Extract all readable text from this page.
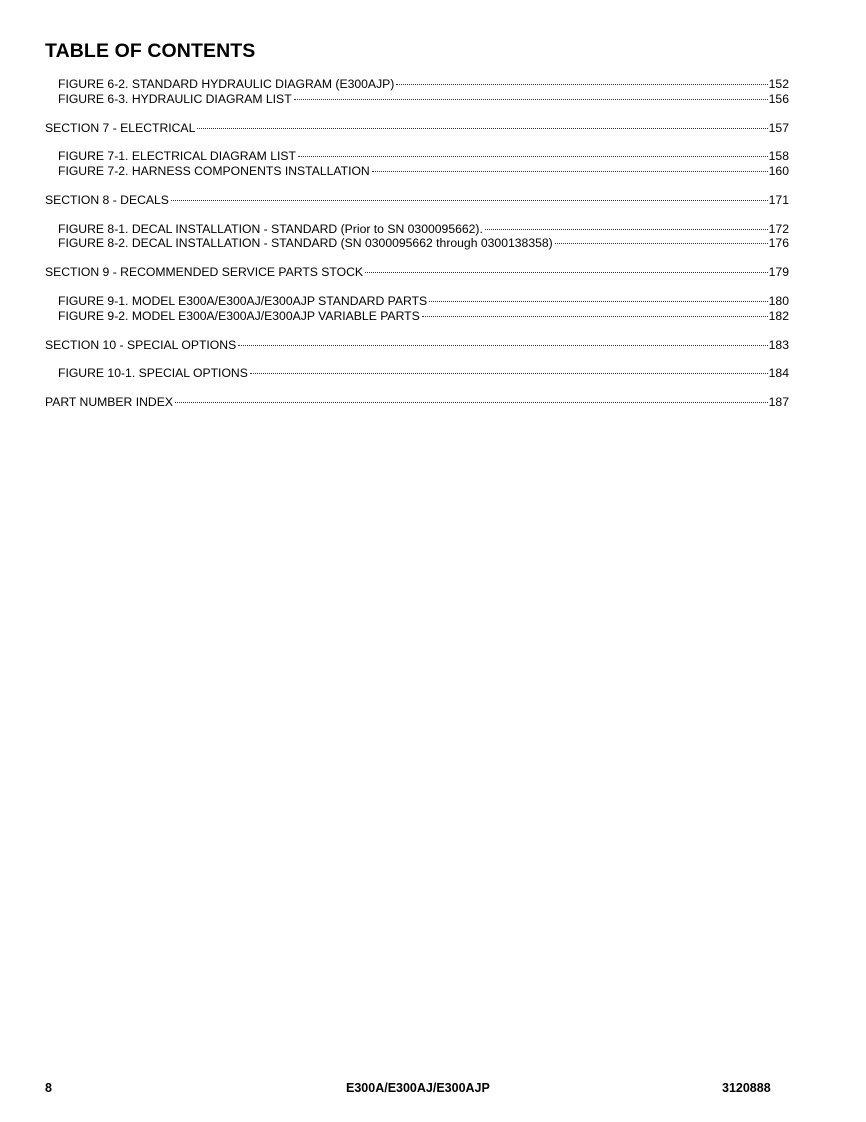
TABLE OF CONTENTS
FIGURE 6-2. STANDARD HYDRAULIC DIAGRAM (E300AJP)	152
FIGURE 6-3. HYDRAULIC DIAGRAM LIST	156
SECTION 7 - ELECTRICAL	157
FIGURE 7-1. ELECTRICAL DIAGRAM LIST	158
FIGURE 7-2. HARNESS COMPONENTS INSTALLATION	160
SECTION 8 - DECALS	171
FIGURE 8-1. DECAL INSTALLATION - STANDARD (Prior to SN 0300095662).	172
FIGURE 8-2. DECAL INSTALLATION - STANDARD (SN 0300095662 through 0300138358)	176
SECTION 9 - RECOMMENDED SERVICE PARTS STOCK	179
FIGURE 9-1. MODEL E300A/E300AJ/E300AJP STANDARD PARTS	180
FIGURE 9-2. MODEL E300A/E300AJ/E300AJP VARIABLE PARTS	182
SECTION 10 - SPECIAL OPTIONS	183
FIGURE 10-1. SPECIAL OPTIONS	184
PART NUMBER INDEX	187
8	E300A/E300AJ/E300AJP	3120888
